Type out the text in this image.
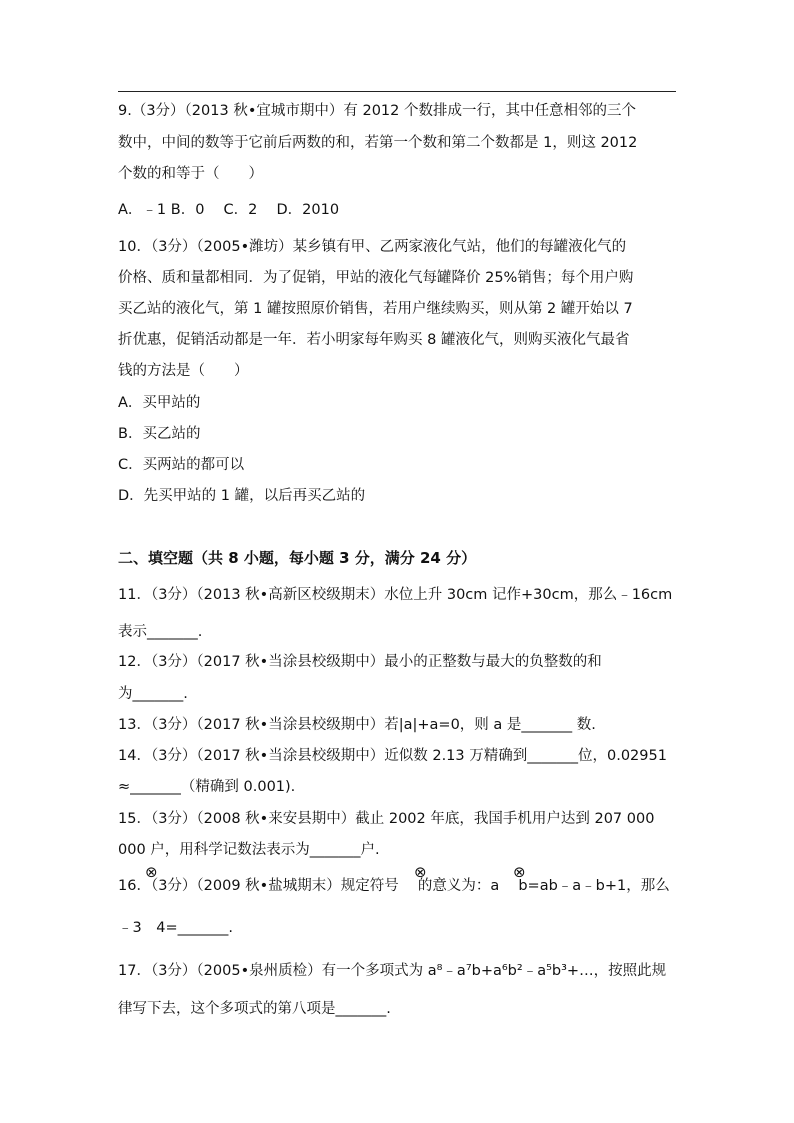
9.（3分）（2013 秋•宜城市期中）有 2012 个数排成一行，其中任意相邻的三个
数中，中间的数等于它前后两数的和，若第一个数和第二个数都是 1，则这 2012
个数的和等于（　　）
A．﹣1 B．0　 C．2　 D．2010
10．（3分）（2005•潍坊）某乡镇有甲、乙两家液化气站，他们的每罐液化气的
价格、质和量都相同．为了促销，甲站的液化气每罐降价 25%销售；每个用户购
买乙站的液化气，第 1 罐按照原价销售，若用户继续购买，则从第 2 罐开始以 7
折优惠，促销活动都是一年．若小明家每年购买 8 罐液化气，则购买液化气最省
钱的方法是（　　）
A．买甲站的
B．买乙站的
C．买两站的都可以
D．先买甲站的 1 罐，以后再买乙站的
二、填空题（共 8 小题，每小题 3 分，满分 24 分）
11．（3分）（2013 秋•高新区校级期末）水位上升 30cm 记作+30cm，那么﹣16cm
表示_______.
12．（3分）（2017 秋•当涂县校级期中）最小的正整数与最大的负整数的和
为_______.
13．（3分）（2017 秋•当涂县校级期中）若|a|+a=0，则 a 是_______ 数.
14．（3分）（2017 秋•当涂县校级期中）近似数 2.13 万精确到_______位，0.02951
≈_______（精确到 0.001).
15．（3分）（2008 秋•来安县期中）截止 2002 年底，我国手机用户达到 207 000
000 户，用科学记数法表示为_______户.
16．（3分）（2009 秋•盐城期末）规定符号　 的意义为：a　 b=ab﹣a﹣b+1，那么
⊗	⊗	⊗
﹣3　4=_______.
17．（3分）（2005•泉州质检）有一个多项式为 a⁸﹣a⁷b+a⁶b²﹣a⁵b³+…，按照此规
律写下去，这个多项式的第八项是_______.
